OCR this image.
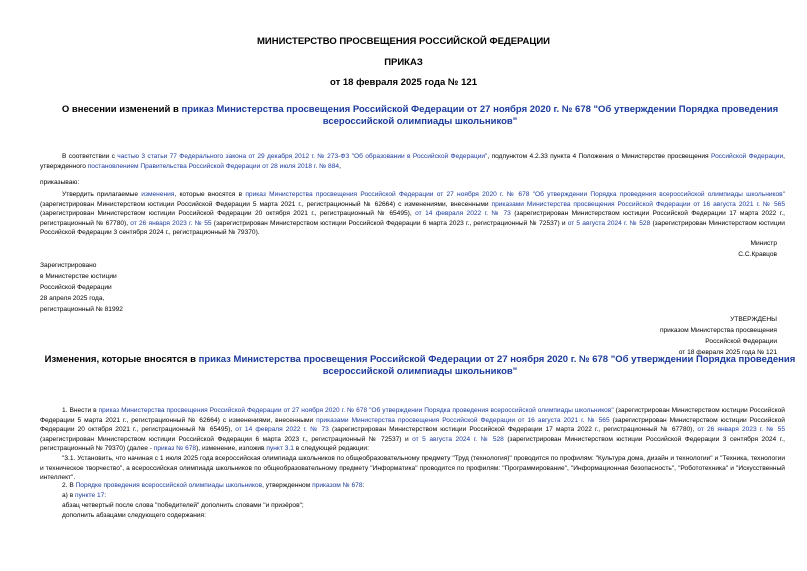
МИНИСТЕРСТВО ПРОСВЕЩЕНИЯ РОССИЙСКОЙ ФЕДЕРАЦИИ
ПРИКАЗ
от 18 февраля 2025 года № 121
О внесении изменений в приказ Министерства просвещения Российской Федерации от 27 ноября 2020 г. № 678 "Об утверждении Порядка проведения всероссийской олимпиады школьников"
В соответствии с частью 3 статьи 77 Федерального закона от 29 декабря 2012 г. № 273-ФЗ "Об образовании в Российской Федерации", подпунктом 4.2.33 пункта 4 Положения о Министерстве просвещения Российской Федерации, утвержденного постановлением Правительства Российской Федерации от 28 июля 2018 г. № 884,
приказываю:
Утвердить прилагаемые изменения, которые вносятся в приказ Министерства просвещения Российской Федерации от 27 ноября 2020 г. № 678 "Об утверждении Порядка проведения всероссийской олимпиады школьников" (зарегистрирован Министерством юстиции Российской Федерации 5 марта 2021 г., регистрационный № 62664) с изменениями, внесенными приказами Министерства просвещения Российской Федерации от 16 августа 2021 г. № 565 (зарегистрирован Министерством юстиции Российской Федерации 20 октября 2021 г., регистрационный № 65495), от 14 февраля 2022 г. № 73 (зарегистрирован Министерством юстиции Российской Федерации 17 марта 2022 г., регистрационный № 67780), от 26 января 2023 г. № 55 (зарегистрирован Министерством юстиции Российской Федерации 6 марта 2023 г., регистрационный № 72537) и от 5 августа 2024 г. № 528 (зарегистрирован Министерством юстиции Российской Федерации 3 сентября 2024 г., регистрационный № 79370).
Министр
С.С.Кравцов
Зарегистрировано
в Министерстве юстиции
Российской Федерации
28 апреля 2025 года,
регистрационный № 81992
УТВЕРЖДЕНЫ
приказом Министерства просвещения
Российской Федерации
от 18 февраля 2025 года № 121
Изменения, которые вносятся в приказ Министерства просвещения Российской Федерации от 27 ноября 2020 г. № 678 "Об утверждении Порядка проведения всероссийской олимпиады школьников"
1. Внести в приказ Министерства просвещения Российской Федерации от 27 ноября 2020 г. № 678 "Об утверждении Порядка проведения всероссийской олимпиады школьников" (зарегистрирован Министерством юстиции Российской Федерации 5 марта 2021 г., регистрационный № 62664) с изменениями, внесенными приказами Министерства просвещения Российской Федерации от 16 августа 2021 г. № 565 (зарегистрирован Министерством юстиции Российской Федерации 20 октября 2021 г., регистрационный № 65495), от 14 февраля 2022 г. № 73 (зарегистрирован Министерством юстиции Российской Федерации 17 марта 2022 г., регистрационный № 67780), от 26 января 2023 г. № 55 (зарегистрирован Министерством юстиции Российской Федерации 6 марта 2023 г., регистрационный № 72537) и от 5 августа 2024 г. № 528 (зарегистрирован Министерством юстиции Российской Федерации 3 сентября 2024 г., регистрационный № 79370) (далее - приказ № 678), изменение, изложив пункт 3.1 в следующей редакции:
"3.1. Установить, что начиная с 1 июля 2025 года всероссийская олимпиада школьников по общеобразовательному предмету "Труд (технология)" проводится по профилям: "Культура дома, дизайн и технологии" и "Техника, технологии и техническое творчество", а всероссийская олимпиада школьников по общеобразовательному предмету "Информатика" проводится по профилям: "Программирование", "Информационная безопасность", "Робототехника" и "Искусственный интеллект".
2. В Порядке проведения всероссийской олимпиады школьников, утвержденном приказом № 678:
а) в пункте 17:
абзац четвертый после слова "победителей" дополнить словами "и призёров";
дополнить абзацами следующего содержания:
